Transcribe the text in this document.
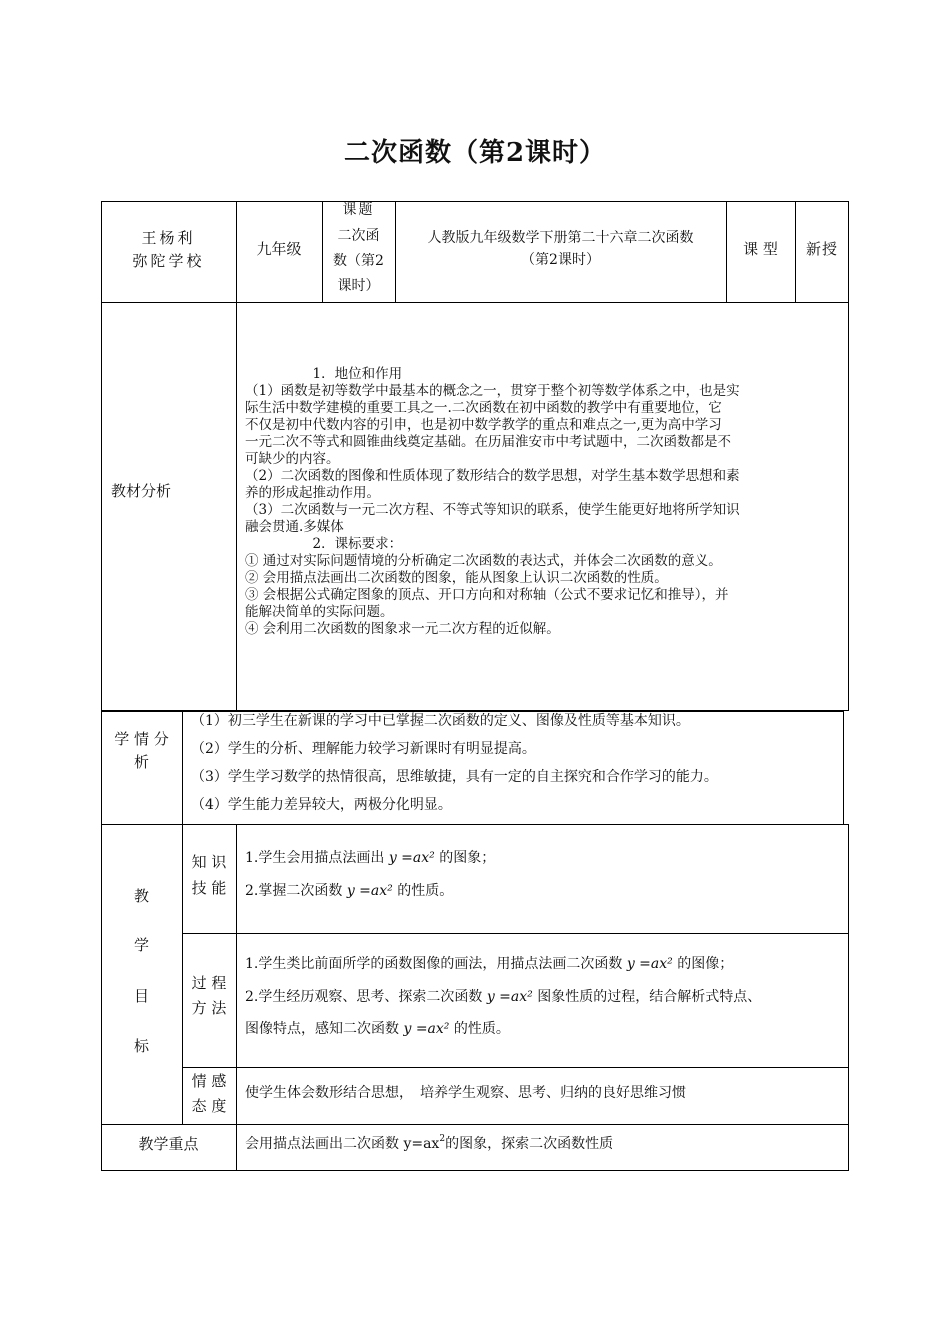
二次函数（第2课时）
王杨利
弥陀学校
九年级
课题
二次函
数（第2
课时）
人教版九年级数学下册第二十六章二次函数
（第2课时）
课 型	新授
教材分析
　　　　　1．地位和作用
（1）函数是初等数学中最基本的概念之一，贯穿于整个初等数学体系之中，也是实
际生活中数学建模的重要工具之一.二次函数在初中函数的教学中有重要地位，它
不仅是初中代数内容的引申，也是初中数学教学的重点和难点之一,更为高中学习
一元二次不等式和圆锥曲线奠定基础。在历届淮安市中考试题中，二次函数都是不
可缺少的内容。
（2）二次函数的图像和性质体现了数形结合的数学思想，对学生基本数学思想和素
养的形成起推动作用。
（3）二次函数与一元二次方程、不等式等知识的联系，使学生能更好地将所学知识
融会贯通.多媒体
　　　　　2．课标要求：
① 通过对实际问题情境的分析确定二次函数的表达式，并体会二次函数的意义。
② 会用描点法画出二次函数的图象，能从图象上认识二次函数的性质。
③ 会根据公式确定图象的顶点、开口方向和对称轴（公式不要求记忆和推导），并
能解决简单的实际问题。
④ 会利用二次函数的图象求一元二次方程的近似解。
学 情 分
析
（1）初三学生在新课的学习中已掌握二次函数的定义、图像及性质等基本知识。
（2）学生的分析、理解能力较学习新课时有明显提高。
（3）学生学习数学的热情很高，思维敏捷，具有一定的自主探究和合作学习的能力。
（4）学生能力差异较大，两极分化明显。
教
学
目
标
知 识
技 能
1.学生会用描点法画出 y =ax² 的图象；
2.掌握二次函数 y =ax² 的性质。
过 程
方 法
1.学生类比前面所学的函数图像的画法，用描点法画二次函数 y =ax² 的图像；
2.学生经历观察、思考、探索二次函数 y =ax² 图象性质的过程，结合解析式特点、
图像特点，感知二次函数 y =ax² 的性质。
情 感
态 度
使学生体会数形结合思想，　培养学生观察、思考、归纳的良好思维习惯
教学重点	会用描点法画出二次函数 $y=ax^2$的图象，探索二次函数性质
